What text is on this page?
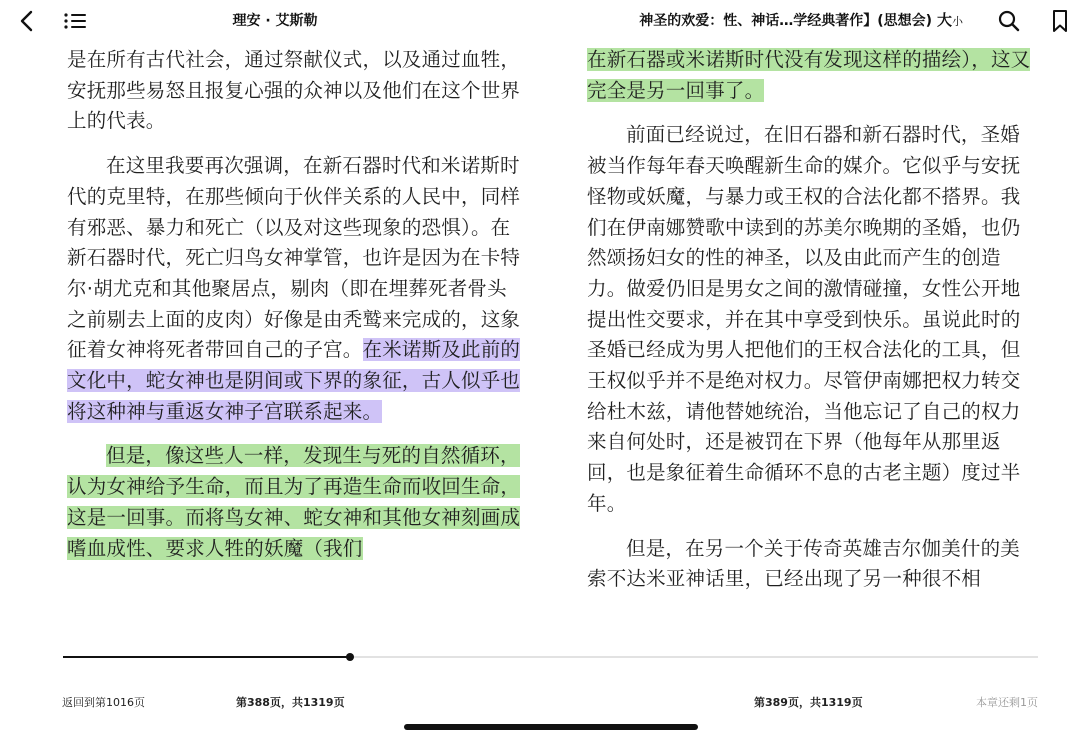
理安 · 艾斯勒	神圣的欢爱：性、神话…学经典著作】(思想会) 大小

是在所有古代社会，通过祭献仪式，以及通过血牲，安抚那些易怒且报复心强的众神以及他们在这个世界上的代表。

在这里我要再次强调，在新石器时代和米诺斯时代的克里特，在那些倾向于伙伴关系的人民中，同样有邪恶、暴力和死亡（以及对这些现象的恐惧）。在新石器时代，死亡归鸟女神掌管，也许是因为在卡特尔·胡尤克和其他聚居点，剔肉（即在埋葬死者骨头之前剔去上面的皮肉）好像是由秃鹫来完成的，这象征着女神将死者带回自己的子宫。在米诺斯及此前的文化中，蛇女神也是阴间或下界的象征，古人似乎也将这种神与重返女神子宫联系起来。

但是，像这些人一样，发现生与死的自然循环，认为女神给予生命，而且为了再造生命而收回生命，这是一回事。而将鸟女神、蛇女神和其他女神刻画成嗜血成性、要求人牲的妖魔（我们

在新石器或米诺斯时代没有发现这样的描绘），这又完全是另一回事了。

前面已经说过，在旧石器和新石器时代，圣婚被当作每年春天唤醒新生命的媒介。它似乎与安抚怪物或妖魔，与暴力或王权的合法化都不搭界。我们在伊南娜赞歌中读到的苏美尔晚期的圣婚，也仍然颂扬妇女的性的神圣，以及由此而产生的创造力。做爱仍旧是男女之间的激情碰撞，女性公开地提出性交要求，并在其中享受到快乐。虽说此时的圣婚已经成为男人把他们的王权合法化的工具，但王权似乎并不是绝对权力。尽管伊南娜把权力转交给杜木兹，请他替她统治，当他忘记了自己的权力来自何处时，还是被罚在下界（他每年从那里返回，也是象征着生命循环不息的古老主题）度过半年。

但是，在另一个关于传奇英雄吉尔伽美什的美索不达米亚神话里，已经出现了另一种很不相

返回到第1016页	第388页，共1319页	第389页，共1319页	本章还剩1页
